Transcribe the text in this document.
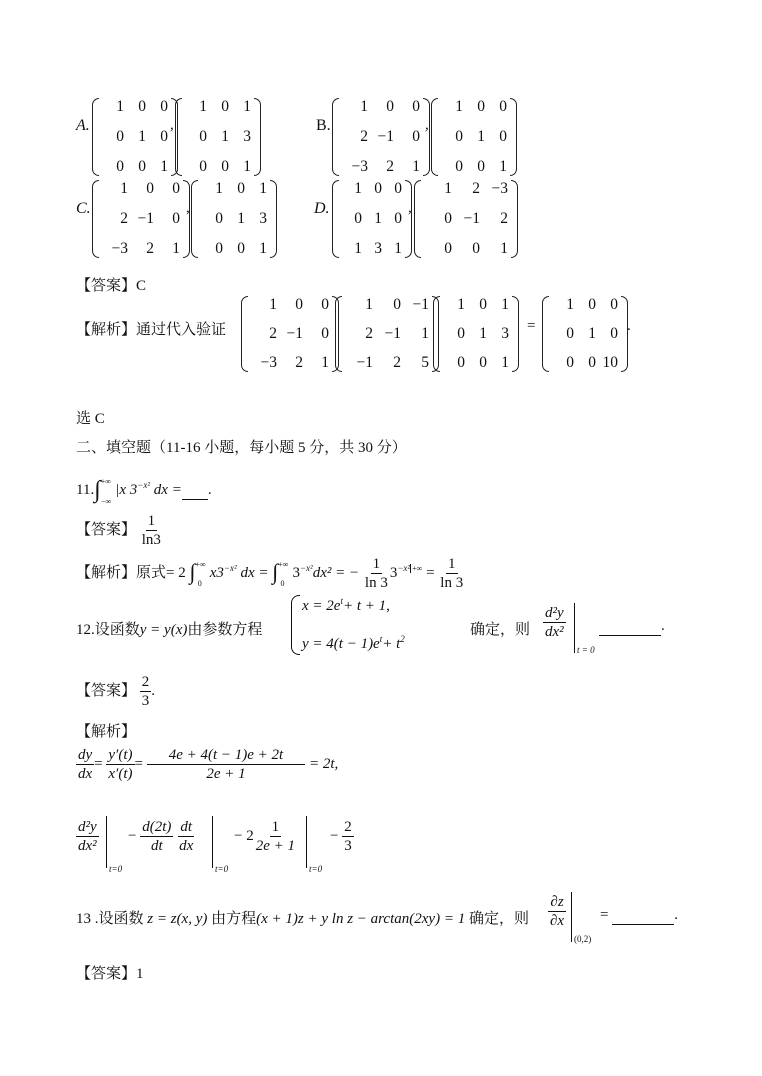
A.
1 0 0
0 1 0
0 0 1
,
1 0 1
0 1 3
0 0 1
B.
1	0	0
2 −1	0
−3	2	1
,
1 0 0
0 1 0
0 0 1
C.
1	0	0
2 −1	0
−3	2	1
,
1 0 1
0 1 3
0 0 1
D.
1 0 0
0 1 0
1 3 1
,
1	2 −3
0 −1	2
0	0	1
【答案】C
【解析】通过代入验证
1	0	0
2 −1	0
−3	2	1
1	0 −1
2 −1	1
−1	2	5
1 0 1
0 1 3
0 0 1
=
1 0 0
0 1 0
0 0 10
.
选 C
二、填空题（11-16 小题，每小题 5 分，共 30 分）
$11.\int^{+\infty}_{-\infty}|x$ $3^{-x^2}$ dx = .
【答案】 $\frac{1}{\ln 3}$
【解析】原式= 2 $\int^{+\infty}_0x3^{-x^2}$ dx = $\int^{+\infty}_03^{-x^2}dx^2$ = − $\frac{1}{\ln 3} 3^{-x^2}$ $^{+\infty} = \frac{1}{\ln 3}$
12.设函数y = y(x)由参数方程
$x = 2e^t+ t + 1$,
$y = 4(t - 1)e^t+ t^2$
确定，则 $\frac{\text{d²y}}{\text{dx²}}$
t = 0
.
【答案】 $\frac{2}{3}$ .
【解析】
$\frac{dy}{dx} = \frac{y'(t)}{x'(t)} = \frac{4e + 4(t - 1)e + 2t}{2e + 1} = 2t$,
$\frac{\text{d²y}}{\text{dx²}}$
t=0
− $\frac{d(2t)}{dt}$
$\frac{dt}{dx}$
t=0
− $2 \frac{1}{2e + 1}$
t=0
− $\frac{2}{3}$
13 .设函数 z = z(x, y) 由方程(x + 1)z + y ln z − arctan(2xy) = 1 确定，则 $\frac{\partial z}{\partial x}$
(0,2)
=	.
【答案】1
